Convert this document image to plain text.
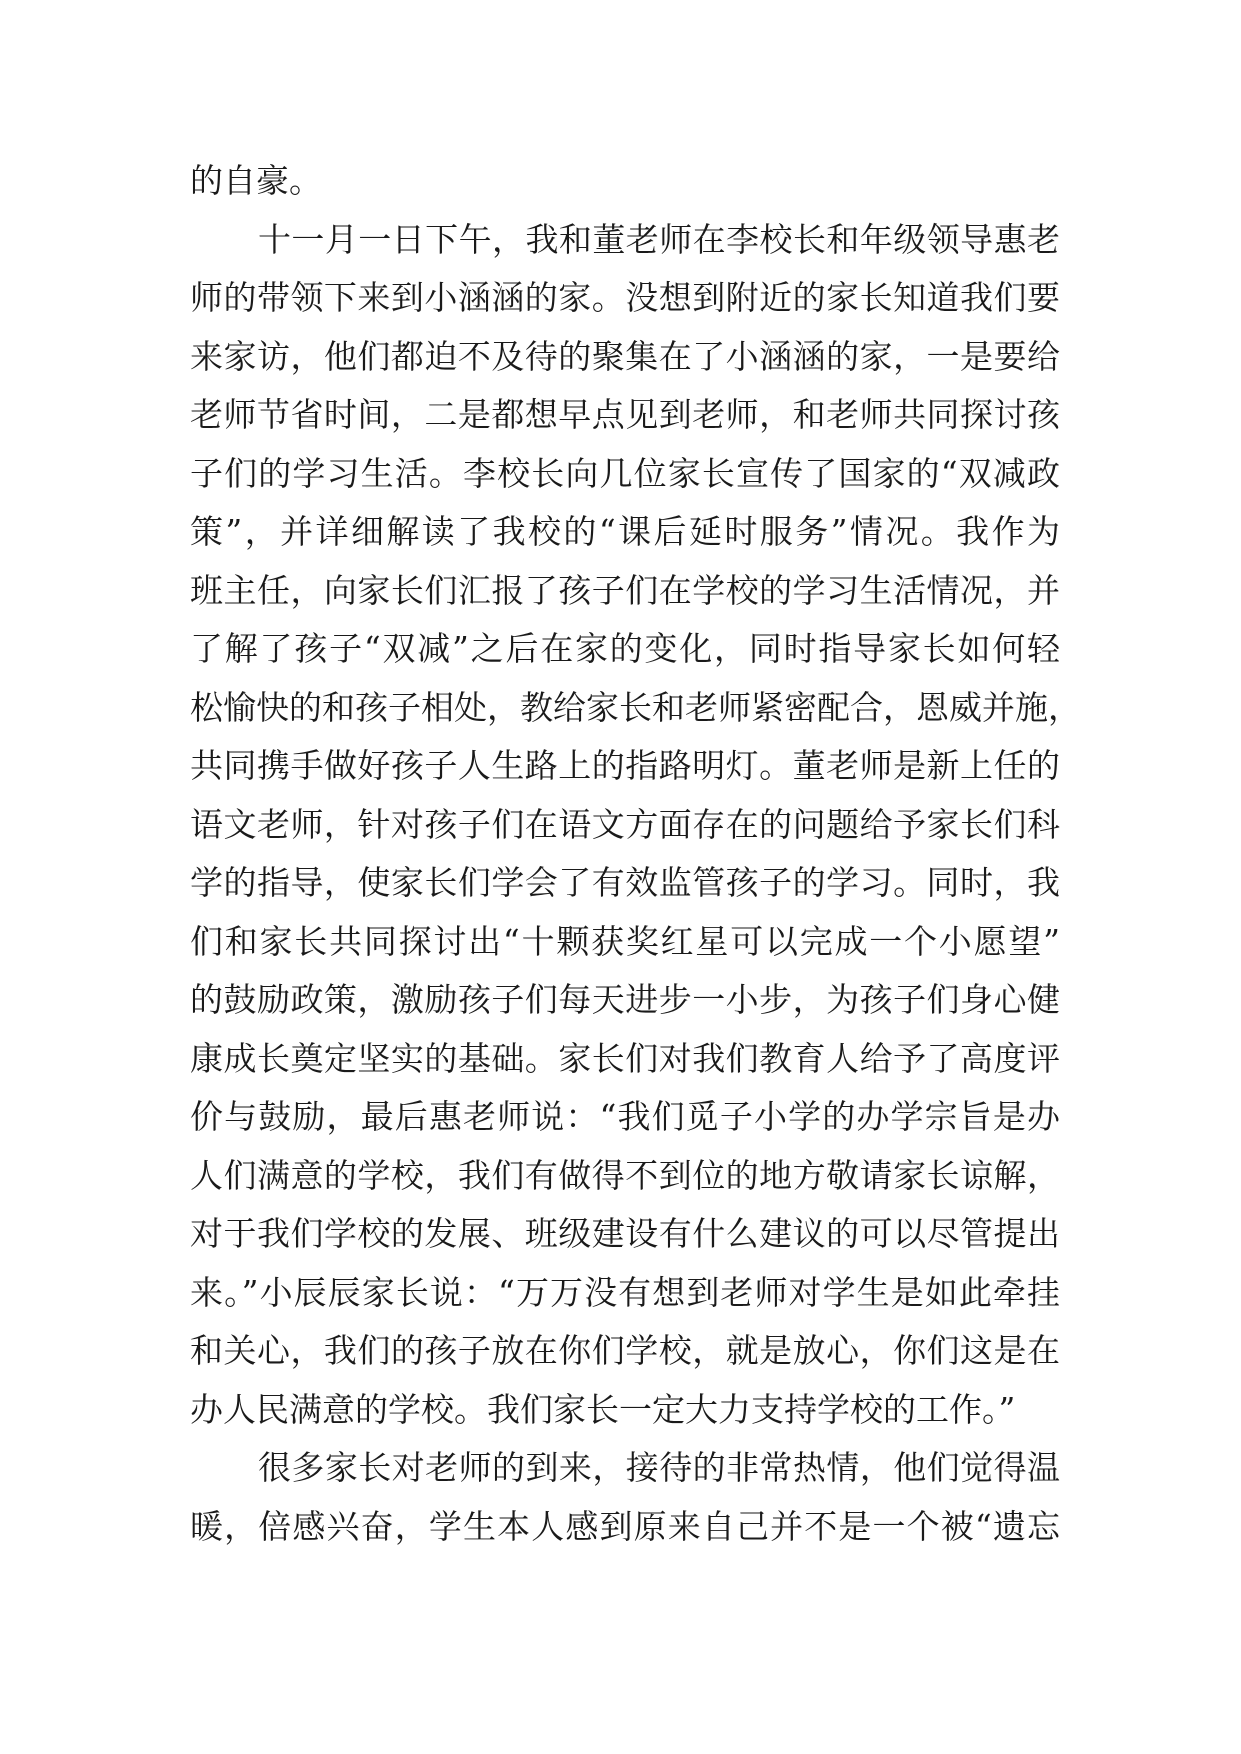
的自豪。
十一月一日下午，我和董老师在李校长和年级领导惠老
师的带领下来到小涵涵的家。没想到附近的家长知道我们要
来家访，他们都迫不及待的聚集在了小涵涵的家，一是要给
老师节省时间，二是都想早点见到老师，和老师共同探讨孩
子们的学习生活。李校长向几位家长宣传了国家的“双减政
策”，并详细解读了我校的“课后延时服务”情况。我作为
班主任，向家长们汇报了孩子们在学校的学习生活情况，并
了解了孩子“双减”之后在家的变化，同时指导家长如何轻
松愉快的和孩子相处，教给家长和老师紧密配合，恩威并施，
共同携手做好孩子人生路上的指路明灯。董老师是新上任的
语文老师，针对孩子们在语文方面存在的问题给予家长们科
学的指导，使家长们学会了有效监管孩子的学习。同时，我
们和家长共同探讨出“十颗获奖红星可以完成一个小愿望”
的鼓励政策，激励孩子们每天进步一小步，为孩子们身心健
康成长奠定坚实的基础。家长们对我们教育人给予了高度评
价与鼓励，最后惠老师说：“我们觅子小学的办学宗旨是办
人们满意的学校，我们有做得不到位的地方敬请家长谅解，
对于我们学校的发展、班级建设有什么建议的可以尽管提出
来。”小辰辰家长说：“万万没有想到老师对学生是如此牵挂
和关心，我们的孩子放在你们学校，就是放心，你们这是在
办人民满意的学校。我们家长一定大力支持学校的工作。”
很多家长对老师的到来，接待的非常热情，他们觉得温
暖，倍感兴奋，学生本人感到原来自己并不是一个被“遗忘
